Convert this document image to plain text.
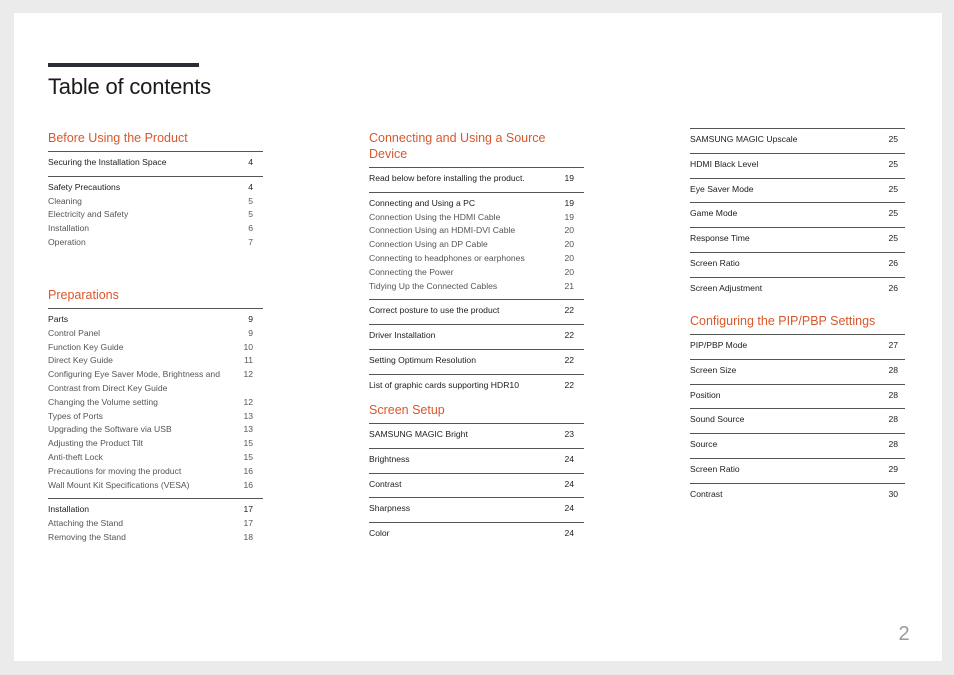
Table of contents
Before Using the Product
Securing the Installation Space	4
Safety Precautions	4
Cleaning	5
Electricity and Safety	5
Installation	6
Operation	7
Preparations
Parts	9
Control Panel	9
Function Key Guide	10
Direct Key Guide	11
Configuring Eye Saver Mode, Brightness and Contrast from Direct Key Guide
12
Changing the Volume setting	12
Types of Ports	13
Upgrading the Software via USB	13
Adjusting the Product Tilt	15
Anti-theft Lock	15
Precautions for moving the product	16
Wall Mount Kit Specifications (VESA)	16
Installation	17
Attaching the Stand	17
Removing the Stand	18
Connecting and Using a Source Device
Read below before installing the product.	19
Connecting and Using a PC	19
Connection Using the HDMI Cable	19
Connection Using an HDMI-DVI Cable	20
Connection Using an DP Cable	20
Connecting to headphones or earphones	20
Connecting the Power	20
Tidying Up the Connected Cables	21
Correct posture to use the product	22
Driver Installation	22
Setting Optimum Resolution	22
List of graphic cards supporting HDR10	22
Screen Setup
SAMSUNG MAGIC Bright	23
Brightness	24
Contrast	24
Sharpness	24
Color	24
SAMSUNG MAGIC Upscale	25
HDMI Black Level	25
Eye Saver Mode	25
Game Mode	25
Response Time	25
Screen Ratio	26
Screen Adjustment	26
Configuring the PIP/PBP Settings
PIP/PBP Mode	27
Screen Size	28
Position	28
Sound Source	28
Source	28
Screen Ratio	29
Contrast	30
2
